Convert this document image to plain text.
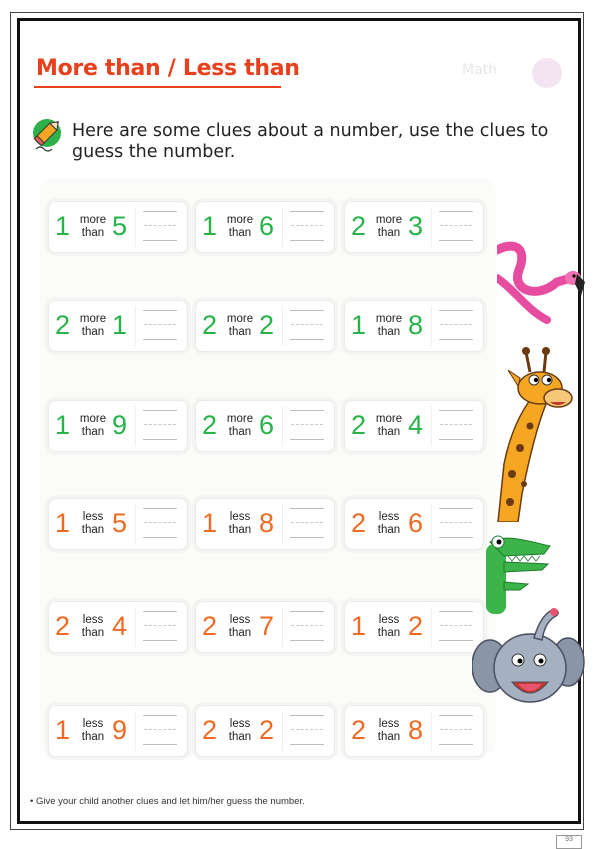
Math
More than / Less than
Here are some clues about a number, use the clues to guess the number.
1 more
than 5	1 more
than 6	2 more
than 3
2 more
than 1	2 more
than 2	1 more
than 8
1 more
than 9	2 more
than 6	2 more
than 4
1	less
than 5	1	less
than 8	2	less
than 6
2	less
than 4	2	less
than 7	1	less
than 2
1	less
than 9	2	less
than 2	2	less
than 8
• Give your child another clues and let him/her guess the number.
93
